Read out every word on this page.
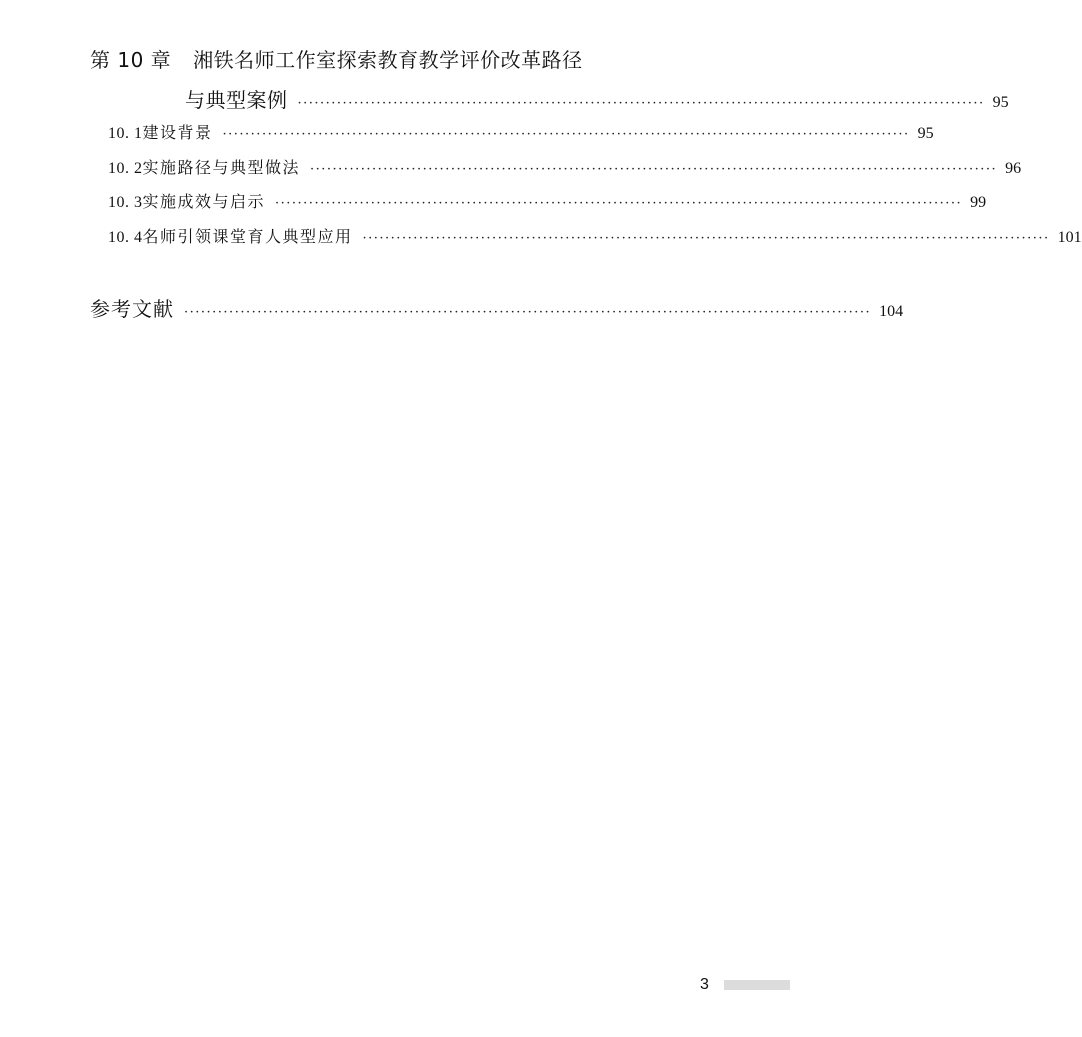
第 10 章 湘铁名师工作室探索教育教学评价改革路径
与典型案例 ·························································································································· 95
10. 1 建设背景 ·························································································································· 95
10. 2 实施路径与典型做法 ·························································································································· 96
10. 3 实施成效与启示 ·························································································································· 99
10. 4 名师引领课堂育人典型应用 ·························································································································· 101
参考文献 ·························································································································· 104
3
